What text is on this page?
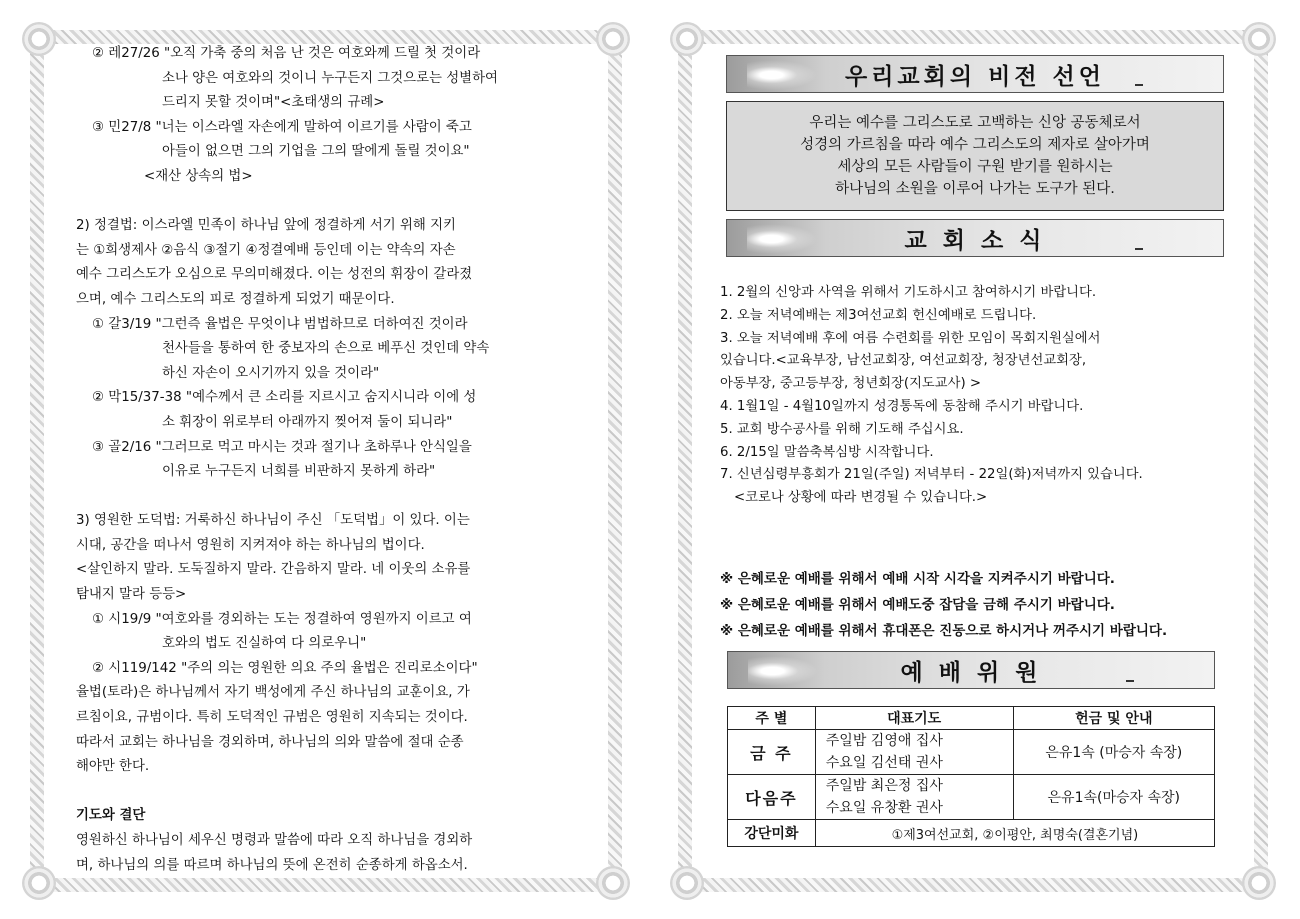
② 레27/26 "오직 가축 중의 처음 난 것은 여호와께 드릴 첫 것이라
소나 양은 여호와의 것이니 누구든지 그것으로는 성별하여
드리지 못할 것이며"<초태생의 규례>
③ 민27/8 "너는 이스라엘 자손에게 말하여 이르기를 사람이 죽고
아들이 없으면 그의 기업을 그의 딸에게 돌릴 것이요"
<재산 상속의 법>
2) 정결법: 이스라엘 민족이 하나님 앞에 정결하게 서기 위해 지키
는 ①희생제사 ②음식 ③절기 ④정결예배 등인데 이는 약속의 자손
예수 그리스도가 오심으로 무의미해졌다. 이는 성전의 휘장이 갈라졌
으며, 예수 그리스도의 피로 정결하게 되었기 때문이다.
① 갈3/19 "그런즉 율법은 무엇이냐 범법하므로 더하여진 것이라
천사들을 통하여 한 중보자의 손으로 베푸신 것인데 약속
하신 자손이 오시기까지 있을 것이라"
② 막15/37-38 "예수께서 큰 소리를 지르시고 숨지시니라 이에 성
소 휘장이 위로부터 아래까지 찢어져 둘이 되니라"
③ 골2/16 "그러므로 먹고 마시는 것과 절기나 초하루나 안식일을
이유로 누구든지 너희를 비판하지 못하게 하라"
3) 영원한 도덕법: 거룩하신 하나님이 주신 「도덕법」이 있다. 이는
시대, 공간을 떠나서 영원히 지켜져야 하는 하나님의 법이다.
<살인하지 말라. 도둑질하지 말라. 간음하지 말라. 네 이웃의 소유를
탐내지 말라 등등>
① 시19/9 "여호와를 경외하는 도는 정결하여 영원까지 이르고 여
호와의 법도 진실하여 다 의로우니"
② 시119/142 "주의 의는 영원한 의요 주의 율법은 진리로소이다"
율법(토라)은 하나님께서 자기 백성에게 주신 하나님의 교훈이요, 가
르침이요, 규범이다. 특히 도덕적인 규범은 영원히 지속되는 것이다.
따라서 교회는 하나님을 경외하며, 하나님의 의와 말씀에 절대 순종
해야만 한다.
기도와 결단
영원하신 하나님이 세우신 명령과 말씀에 따라 오직 하나님을 경외하
며, 하나님의 의를 따르며 하나님의 뜻에 온전히 순종하게 하옵소서.
우리교회의 비전 선언
우리는 예수를 그리스도로 고백하는 신앙 공동체로서
성경의 가르침을 따라 예수 그리스도의 제자로 살아가며
세상의 모든 사람들이 구원 받기를 원하시는
하나님의 소원을 이루어 나가는 도구가 된다.
교 회 소 식
1. 2월의 신앙과 사역을 위해서 기도하시고 참여하시기 바랍니다.
2. 오늘 저녁예배는 제3여선교회 헌신예배로 드립니다.
3. 오늘 저녁예배 후에 여름 수련회를 위한 모임이 목회지원실에서
있습니다.<교육부장, 남선교회장, 여선교회장, 청장년선교회장,
아동부장, 중고등부장, 청년회장(지도교사) >
4. 1월1일 - 4월10일까지 성경통독에 동참해 주시기 바랍니다.
5. 교회 방수공사를 위해 기도해 주십시요.
6. 2/15일 말씀축복심방 시작합니다.
7. 신년심령부흥회가 21일(주일) 저녁부터 - 22일(화)저녁까지 있습니다.
<코로나 상황에 따라 변경될 수 있습니다.>
※ 은혜로운 예배를 위해서 예배 시작 시각을 지켜주시기 바랍니다.
※ 은혜로운 예배를 위해서 예배도중 잡담을 금해 주시기 바랍니다.
※ 은혜로운 예배를 위해서 휴대폰은 진동으로 하시거나 꺼주시기 바랍니다.
예 배 위 원
주 별	대표기도	헌금 및 안내
금 주	주일밤 김영애 집사
수요일 김선태 권사	은유1속 (마승자 속장)
다음주	주일밤 최은정 집사
수요일 유창환 권사	은유1속(마승자 속장)
강단미화	①제3여선교회, ②이평안, 최명숙(결혼기념)	
